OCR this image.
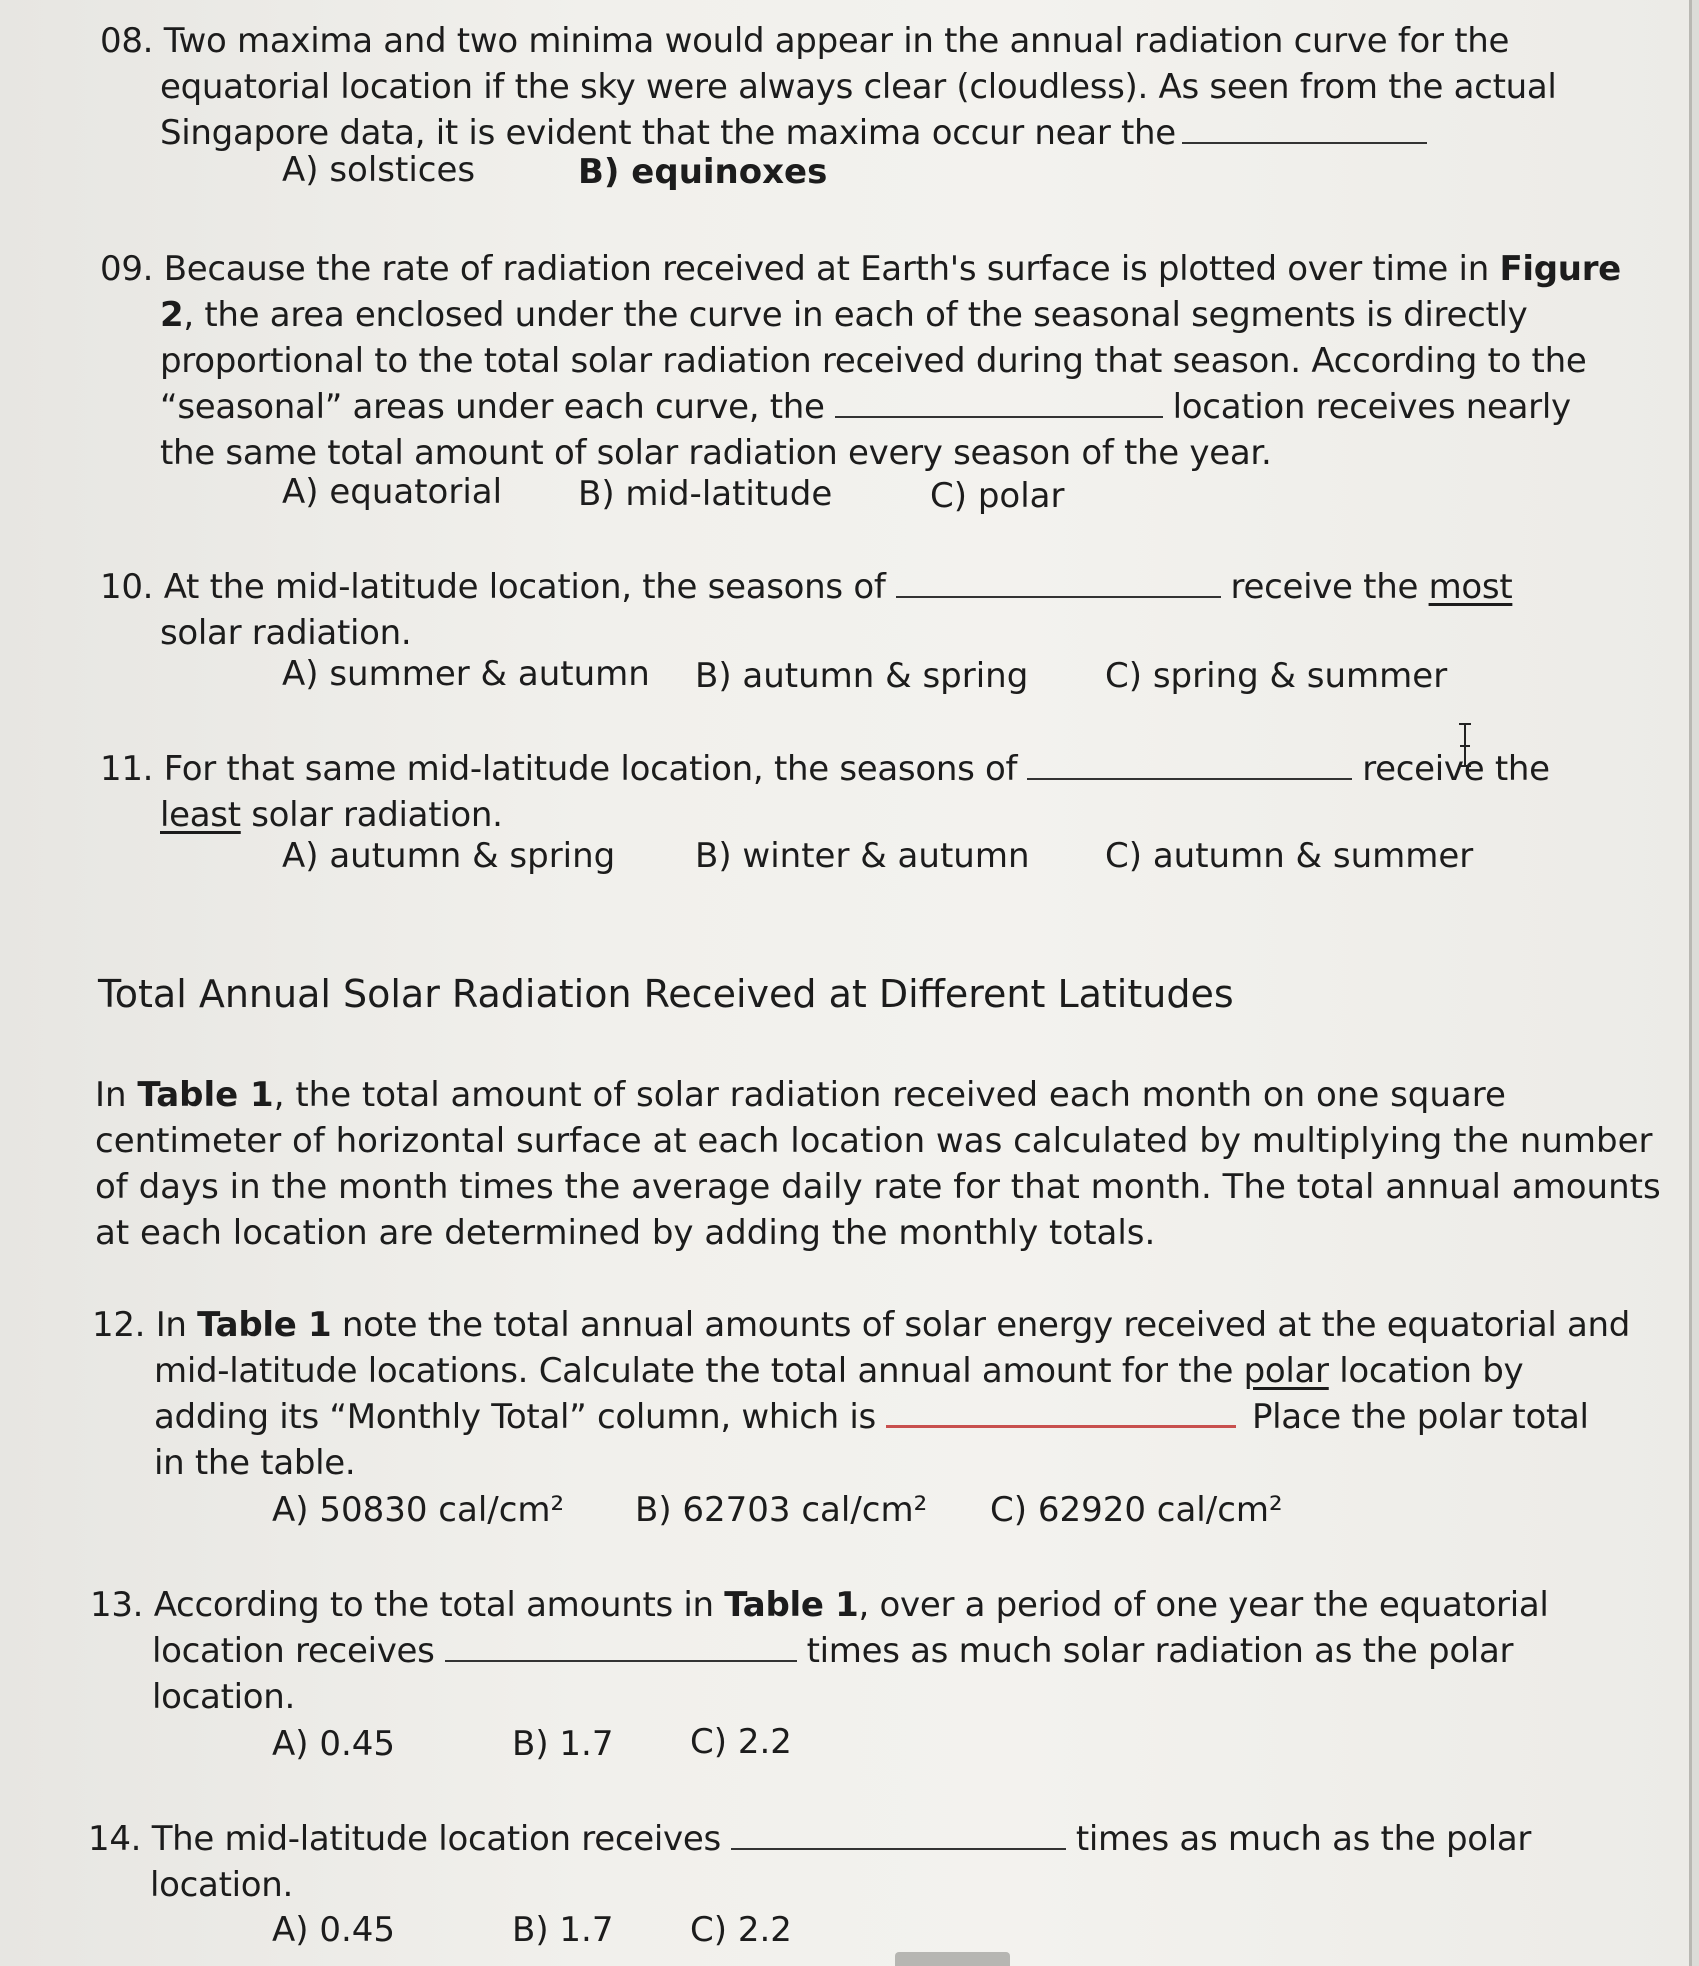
08. Two maxima and two minima would appear in the annual radiation curve for the
equatorial location if the sky were always clear (cloudless). As seen from the actual
Singapore data, it is evident that the maxima occur near the
A) solstices	B) equinoxes
09. Because the rate of radiation received at Earth's surface is plotted over time in Figure
2, the area enclosed under the curve in each of the seasonal segments is directly
proportional to the total solar radiation received during that season. According to the
“seasonal” areas under each curve, the	location receives nearly
the same total amount of solar radiation every season of the year.
A) equatorial B) mid-latitude	C) polar
10. At the mid-latitude location, the seasons of	receive the most
solar radiation.
A) summer & autumn B) autumn & spring C) spring & summer
11. For that same mid-latitude location, the seasons of	receive the
least solar radiation.
A) autumn & spring B) winter & autumn C) autumn & summer
Total Annual Solar Radiation Received at Different Latitudes
In Table 1, the total amount of solar radiation received each month on one square
centimeter of horizontal surface at each location was calculated by multiplying the number
of days in the month times the average daily rate for that month. The total annual amounts
at each location are determined by adding the monthly totals.
12. In Table 1 note the total annual amounts of solar energy received at the equatorial and
mid-latitude locations. Calculate the total annual amount for the polar location by
adding its “Monthly Total” column, which is	Place the polar total
in the table.
A) 50830 cal/cm² B) 62703 cal/cm² C) 62920 cal/cm²
13. According to the total amounts in Table 1, over a period of one year the equatorial
location receives	times as much solar radiation as the polar
location.
A) 0.45	B) 1.7 C) 2.2
14. The mid-latitude location receives	times as much as the polar
location.
A) 0.45	B) 1.7 C) 2.2
